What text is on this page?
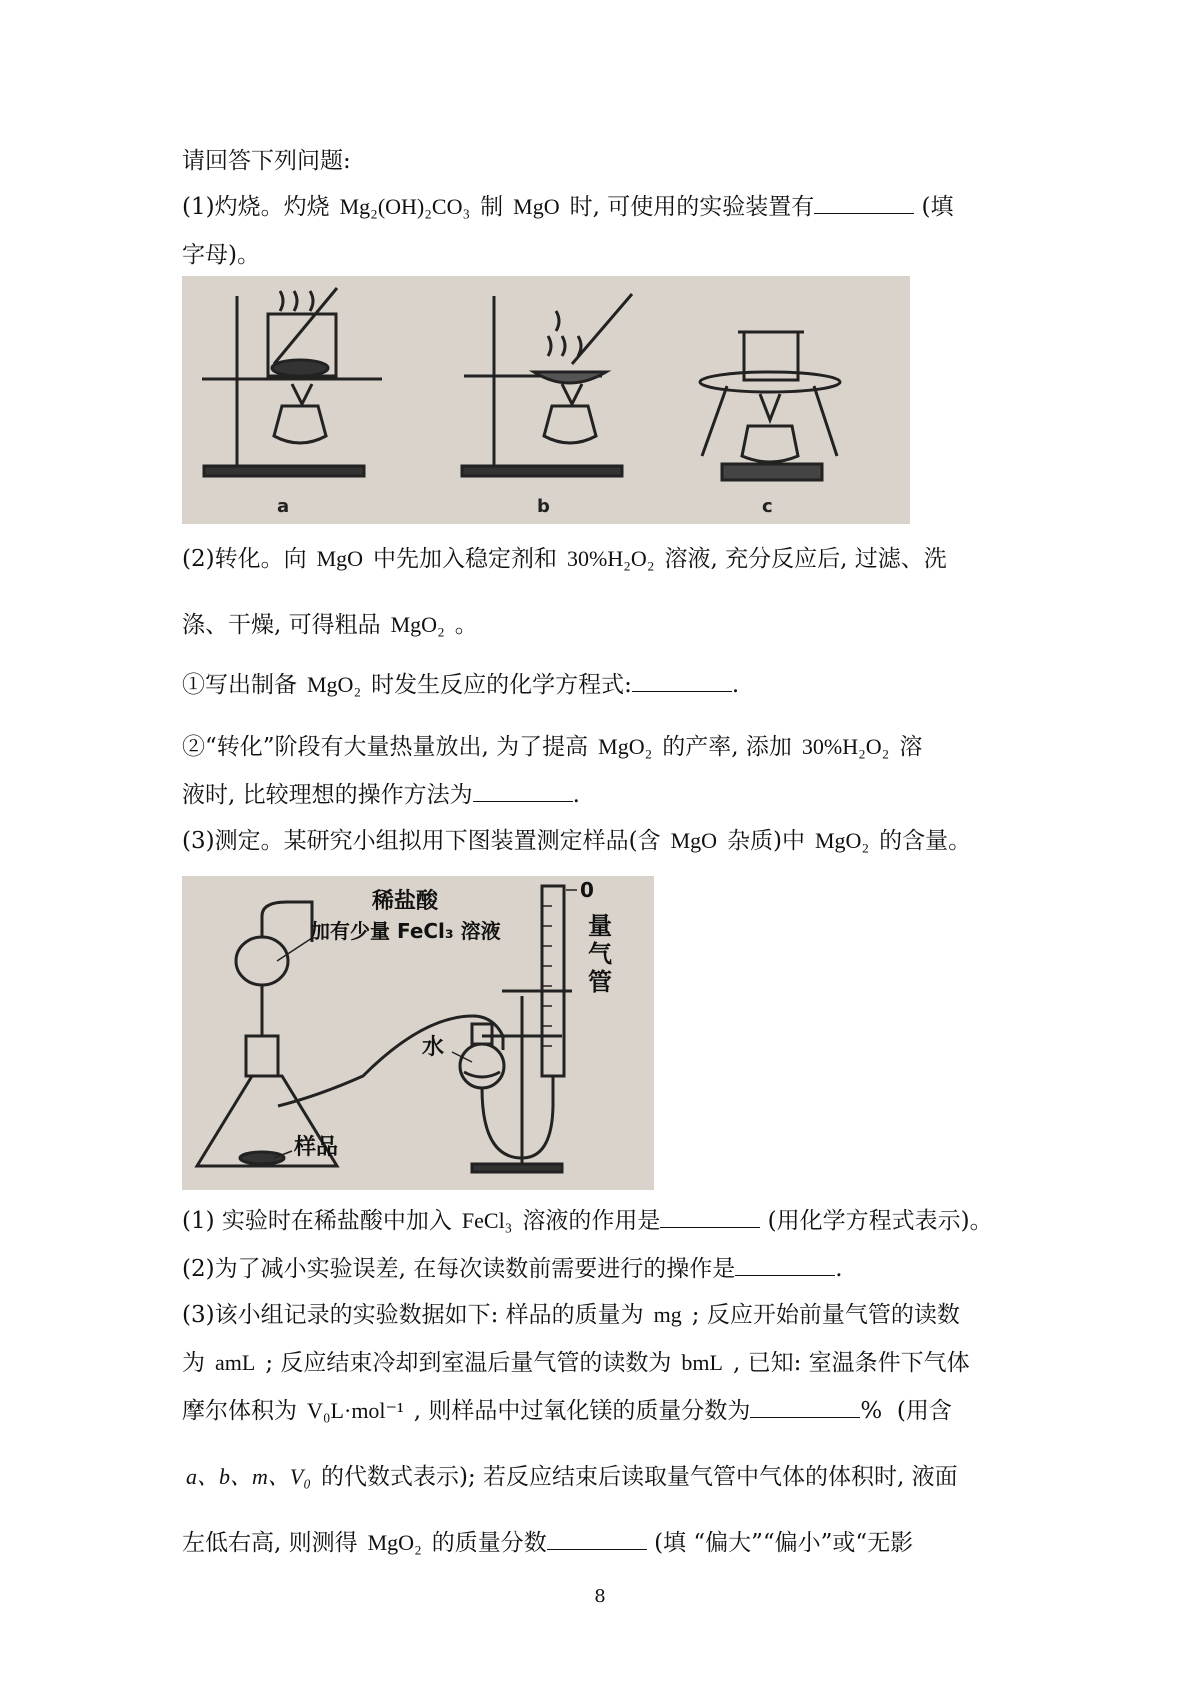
请回答下列问题:
(1)灼烧。灼烧 Mg₂(OH)₂CO₃ 制 MgO 时, 可使用的实验装置有	(填
字母)。
a	b	c
(2)转化。向 MgO 中先加入稳定剂和 30%H₂O₂ 溶液, 充分反应后, 过滤、洗
涤、干燥, 可得粗品 MgO₂ 。
①写出制备 MgO₂ 时发生反应的化学方程式:	.
②“转化”阶段有大量热量放出, 为了提高 MgO₂ 的产率, 添加 30%H₂O₂ 溶
液时, 比较理想的操作方法为	.
(3)测定。某研究小组拟用下图装置测定样品(含 MgO 杂质)中 MgO₂ 的含量。
稀盐酸
加有少量 FeCl₃ 溶液
0
量
气
管
水
样品
(1) 实验时在稀盐酸中加入 FeCl₃ 溶液的作用是	(用化学方程式表示)。
(2)为了减小实验误差, 在每次读数前需要进行的操作是	.
(3)该小组记录的实验数据如下: 样品的质量为 mg ; 反应开始前量气管的读数
为 amL ; 反应结束冷却到室温后量气管的读数为 bmL , 已知: 室温条件下气体
摩尔体积为 V₀L·mol⁻¹ , 则样品中过氧化镁的质量分数为	% (用含
a、b、m、V₀ 的代数式表示); 若反应结束后读取量气管中气体的体积时, 液面
左低右高, 则测得 MgO₂ 的质量分数	(填 “偏大”“偏小”或“无影
8
